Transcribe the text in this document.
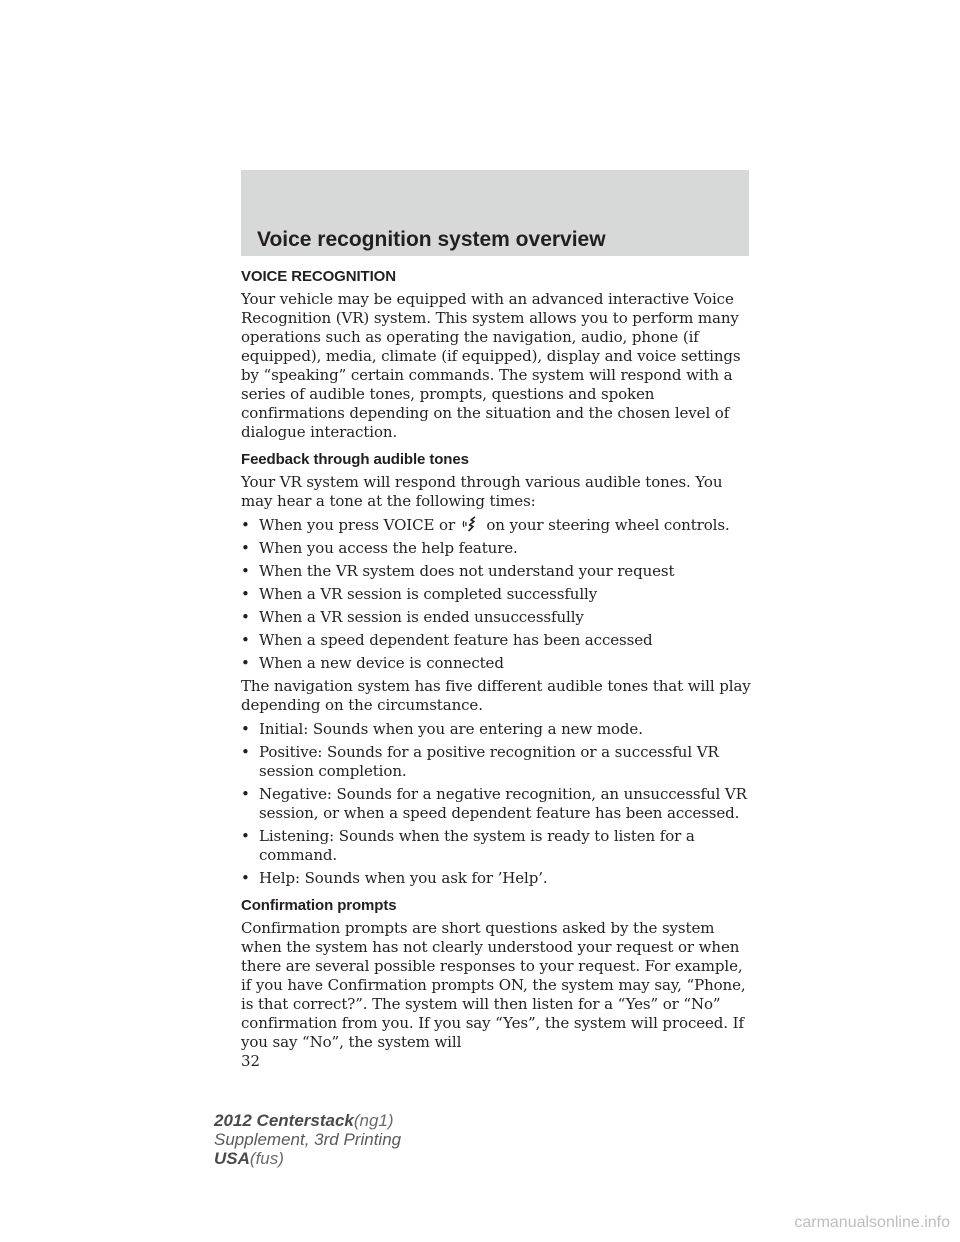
Voice recognition system overview
VOICE RECOGNITION

Your vehicle may be equipped with an advanced interactive Voice Recognition (VR) system. This system allows you to perform many operations such as operating the navigation, audio, phone (if equipped), media, climate (if equipped), display and voice settings by “speaking” certain commands. The system will respond with a series of audible tones, prompts, questions and spoken confirmations depending on the situation and the chosen level of dialogue interaction.

Feedback through audible tones

Your VR system will respond through various audible tones. You may hear a tone at the following times:

• When you press VOICE or on your steering wheel controls.
• When you access the help feature.
• When the VR system does not understand your request
• When a VR session is completed successfully
• When a VR session is ended unsuccessfully
• When a speed dependent feature has been accessed
• When a new device is connected

The navigation system has five different audible tones that will play depending on the circumstance.

• Initial: Sounds when you are entering a new mode.
• Positive: Sounds for a positive recognition or a successful VR session completion.
• Negative: Sounds for a negative recognition, an unsuccessful VR session, or when a speed dependent feature has been accessed.
• Listening: Sounds when the system is ready to listen for a command.
• Help: Sounds when you ask for ’Help’.
Confirmation prompts

Confirmation prompts are short questions asked by the system when the system has not clearly understood your request or when there are several possible responses to your request. For example, if you have Confirmation prompts ON, the system may say, “Phone, is that correct?”. The system will then listen for a “Yes” or “No” confirmation from you. If you say “Yes”, the system will proceed. If you say “No”, the system will

32
2012 Centerstack(ng1)
Supplement, 3rd Printing
USA(fus)
carmanualsonline.info
